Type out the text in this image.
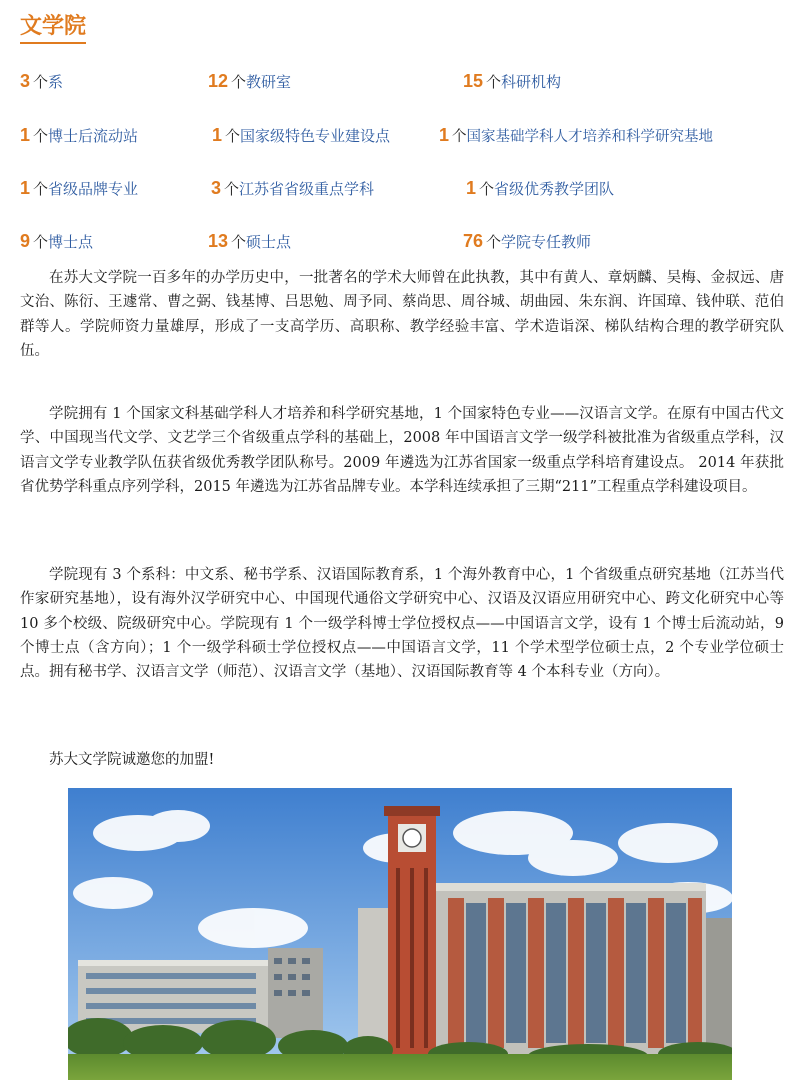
文学院
3 个系	12 个教研室	15 个科研机构
1 个博士后流动站	1 个国家级特色专业建设点	1 个国家基础学科人才培养和科学研究基地
1 个省级品牌专业	3 个江苏省省级重点学科	1 个省级优秀教学团队
9 个博士点	13 个硕士点	76 个学院专任教师

在苏大文学院一百多年的办学历史中，一批著名的学术大师曾在此执教，其中有黄人、章炳麟、吴梅、金叔远、唐文治、陈衍、王遽常、曹之弼、钱基博、吕思勉、周予同、蔡尚思、周谷城、胡曲园、朱东润、许国璋、钱仲联、范伯群等人。学院师资力量雄厚，形成了一支高学历、高职称、教学经验丰富、学术造诣深、梯队结构合理的教学研究队伍。

学院拥有 1 个国家文科基础学科人才培养和科学研究基地，1 个国家特色专业——汉语言文学。在原有中国古代文学、中国现当代文学、文艺学三个省级重点学科的基础上，2008 年中国语言文学一级学科被批准为省级重点学科，汉语言文学专业教学队伍获省级优秀教学团队称号。2009 年遴选为江苏省国家一级重点学科培育建设点。 2014 年获批省优势学科重点序列学科，2015 年遴选为江苏省品牌专业。本学科连续承担了三期“211”工程重点学科建设项目。

学院现有 3 个系科：中文系、秘书学系、汉语国际教育系，1 个海外教育中心，1 个省级重点研究基地（江苏当代作家研究基地），设有海外汉学研究中心、中国现代通俗文学研究中心、汉语及汉语应用研究中心、跨文化研究中心等 10 多个校级、院级研究中心。学院现有 1 个一级学科博士学位授权点——中国语言文学，设有 1 个博士后流动站，9 个博士点（含方向）；1 个一级学科硕士学位授权点——中国语言文学，11 个学术型学位硕士点，2 个专业学位硕士点。拥有秘书学、汉语言文学（师范）、汉语言文学（基地）、汉语国际教育等 4 个本科专业（方向）。

苏大文学院诚邀您的加盟!
